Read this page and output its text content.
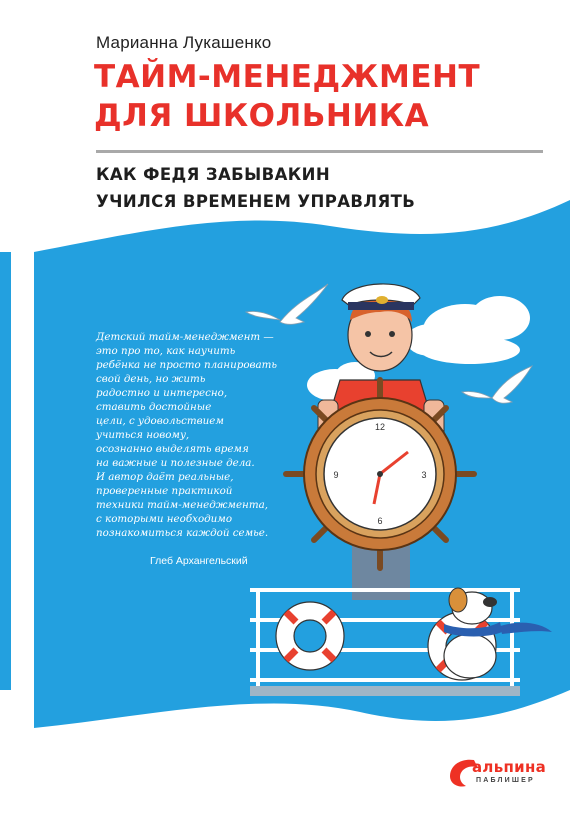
Марианна Лукашенко
ТАЙМ-МЕНЕДЖМЕНТ
ДЛЯ ШКОЛЬНИКА
КАК ФЕДЯ ЗАБЫВАКИН
УЧИЛСЯ ВРЕМЕНЕМ УПРАВЛЯТЬ
Детский тайм-менеджмент —
это про то, как научить
ребёнка не просто планировать
свой день, но жить
радостно и интересно,
ставить достойные
цели, с удовольствием
учиться новому,
осознанно выделять время
на важные и полезные дела.
И автор даёт реальные,
проверенные практикой
техники тайм-менеджмента,
с которыми необходимо
познакомиться каждой семье.
Глеб Архангельский
12
3
6
9
альпина
ПАБЛИШЕР
